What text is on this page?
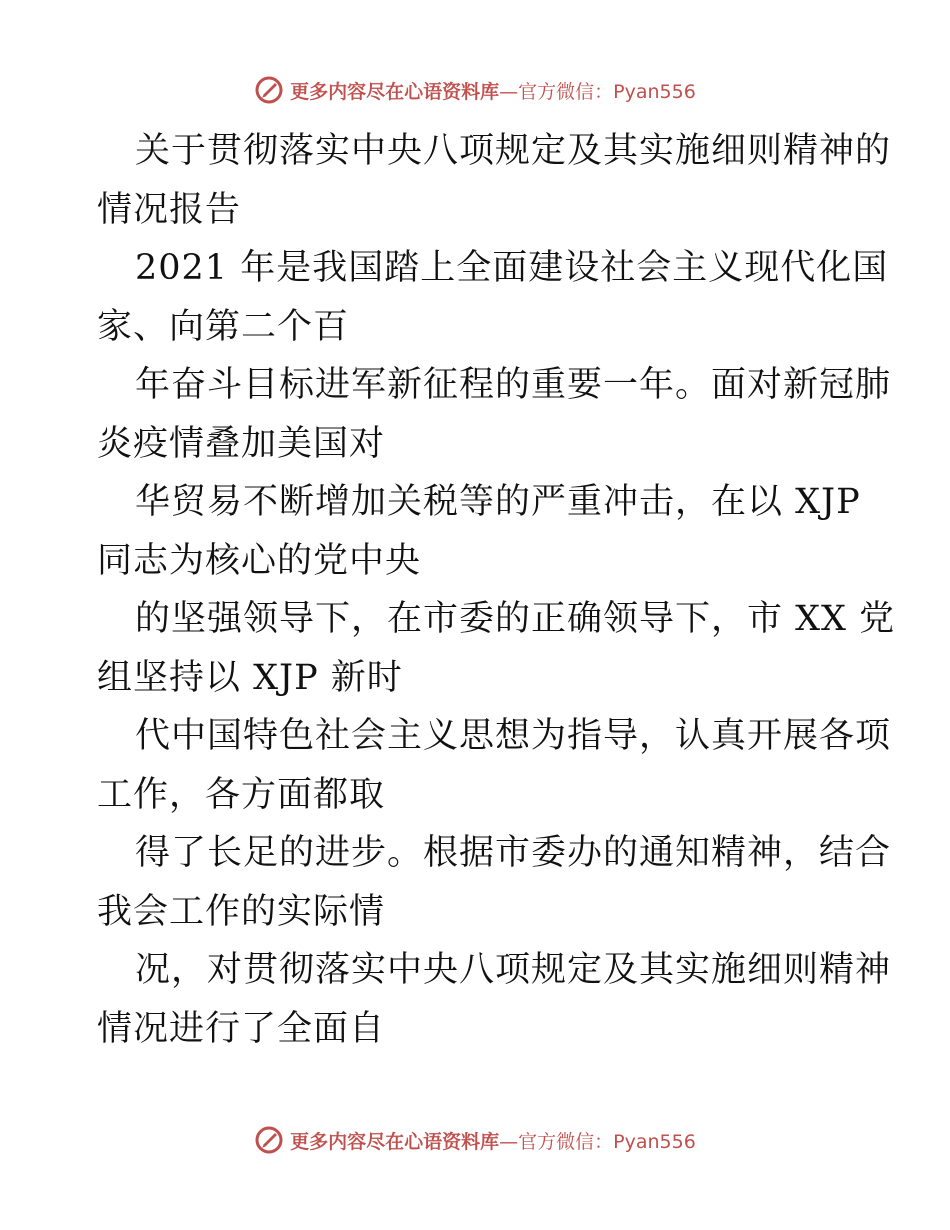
更多内容尽在心语资料库 —官方微信：Pyan556

关于贯彻落实中央八项规定及其实施细则精神的
情况报告

2021 年是我国踏上全面建设社会主义现代化国
家、向第二个百

年奋斗目标进军新征程的重要一年。面对新冠肺
炎疫情叠加美国对

华贸易不断增加关税等的严重冲击，在以 XJP
同志为核心的党中央

的坚强领导下，在市委的正确领导下，市 XX 党
组坚持以 XJP 新时

代中国特色社会主义思想为指导，认真开展各项
工作，各方面都取

得了长足的进步。根据市委办的通知精神，结合
我会工作的实际情

况，对贯彻落实中央八项规定及其实施细则精神
情况进行了全面自

更多内容尽在心语资料库 —官方微信：Pyan556
